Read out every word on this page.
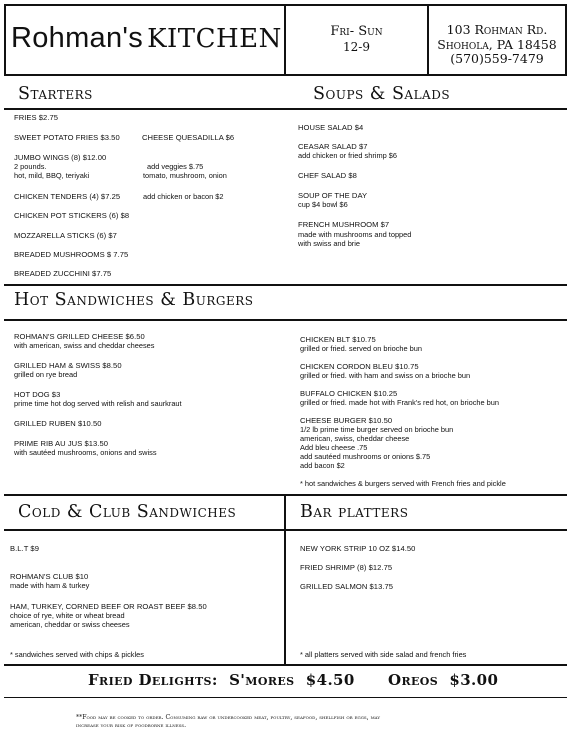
Rohman's KITCHEN	Fri- Sun
12-9
103 Rohman Rd.
Shohola, PA 18458
(570)559-7479
Starters	Soups & Salads
FRIES $2.75
SWEET POTATO FRIES $3.50
JUMBO WINGS (8) $12.00
2 pounds.
hot, mild, BBQ, teriyaki
CHICKEN TENDERS (4) $7.25
CHICKEN POT STICKERS (6) $8
MOZZARELLA STICKS (6) $7
BREADED MUSHROOMS $ 7.75
BREADED ZUCCHINI $7.75
CHEESE QUESADILLA $6
add veggies $.75
tomato, mushroom, onion
add chicken or bacon $2
HOUSE SALAD $4
CEASAR SALAD $7
add chicken or fried shrimp $6
CHEF SALAD $8
SOUP OF THE DAY
cup $4 bowl $6
FRENCH MUSHROOM $7
made with mushrooms and topped
with swiss and brie
Hot Sandwiches & Burgers
ROHMAN'S GRILLED CHEESE $6.50
with american, swiss and cheddar cheeses
GRILLED HAM & SWISS $8.50
grilled on rye bread
HOT DOG $3
prime time hot dog served with relish and saurkraut
GRILLED RUBEN $10.50
PRIME RIB AU JUS $13.50
with sautéed mushrooms, onions and swiss
CHICKEN BLT $10.75
grilled or fried. served on brioche bun
CHICKEN CORDON BLEU $10.75
grilled or fried. with ham and swiss on a brioche bun
BUFFALO CHICKEN $10.25
grilled or fried. made hot with Frank's red hot, on brioche bun
CHEESE BURGER $10.50
1/2 lb prime time burger served on brioche bun
american, swiss, cheddar cheese
Add bleu cheese .75
add sautéed mushrooms or onions $.75
add bacon $2
* hot sandwiches & burgers served with French fries and pickle
Cold & Club Sandwiches	Bar platters
B.L.T $9
ROHMAN'S CLUB $10
made with ham & turkey
HAM, TURKEY, CORNED BEEF OR ROAST BEEF $8.50
choice of rye, white or wheat bread
american, cheddar or swiss cheeses
* sandwiches served with chips & pickles
NEW YORK STRIP 10 OZ $14.50
FRIED SHRIMP (8) $12.75
GRILLED SALMON $13.75
* all platters served with side salad and french fries
Fried Delights: S'mores $4.50 Oreos $3.00
**Food may be cooked to order. Consuming raw or undercooked meat, poultry, seafood, shellfish or eggs, may
increase your risk of foodborne illness.
